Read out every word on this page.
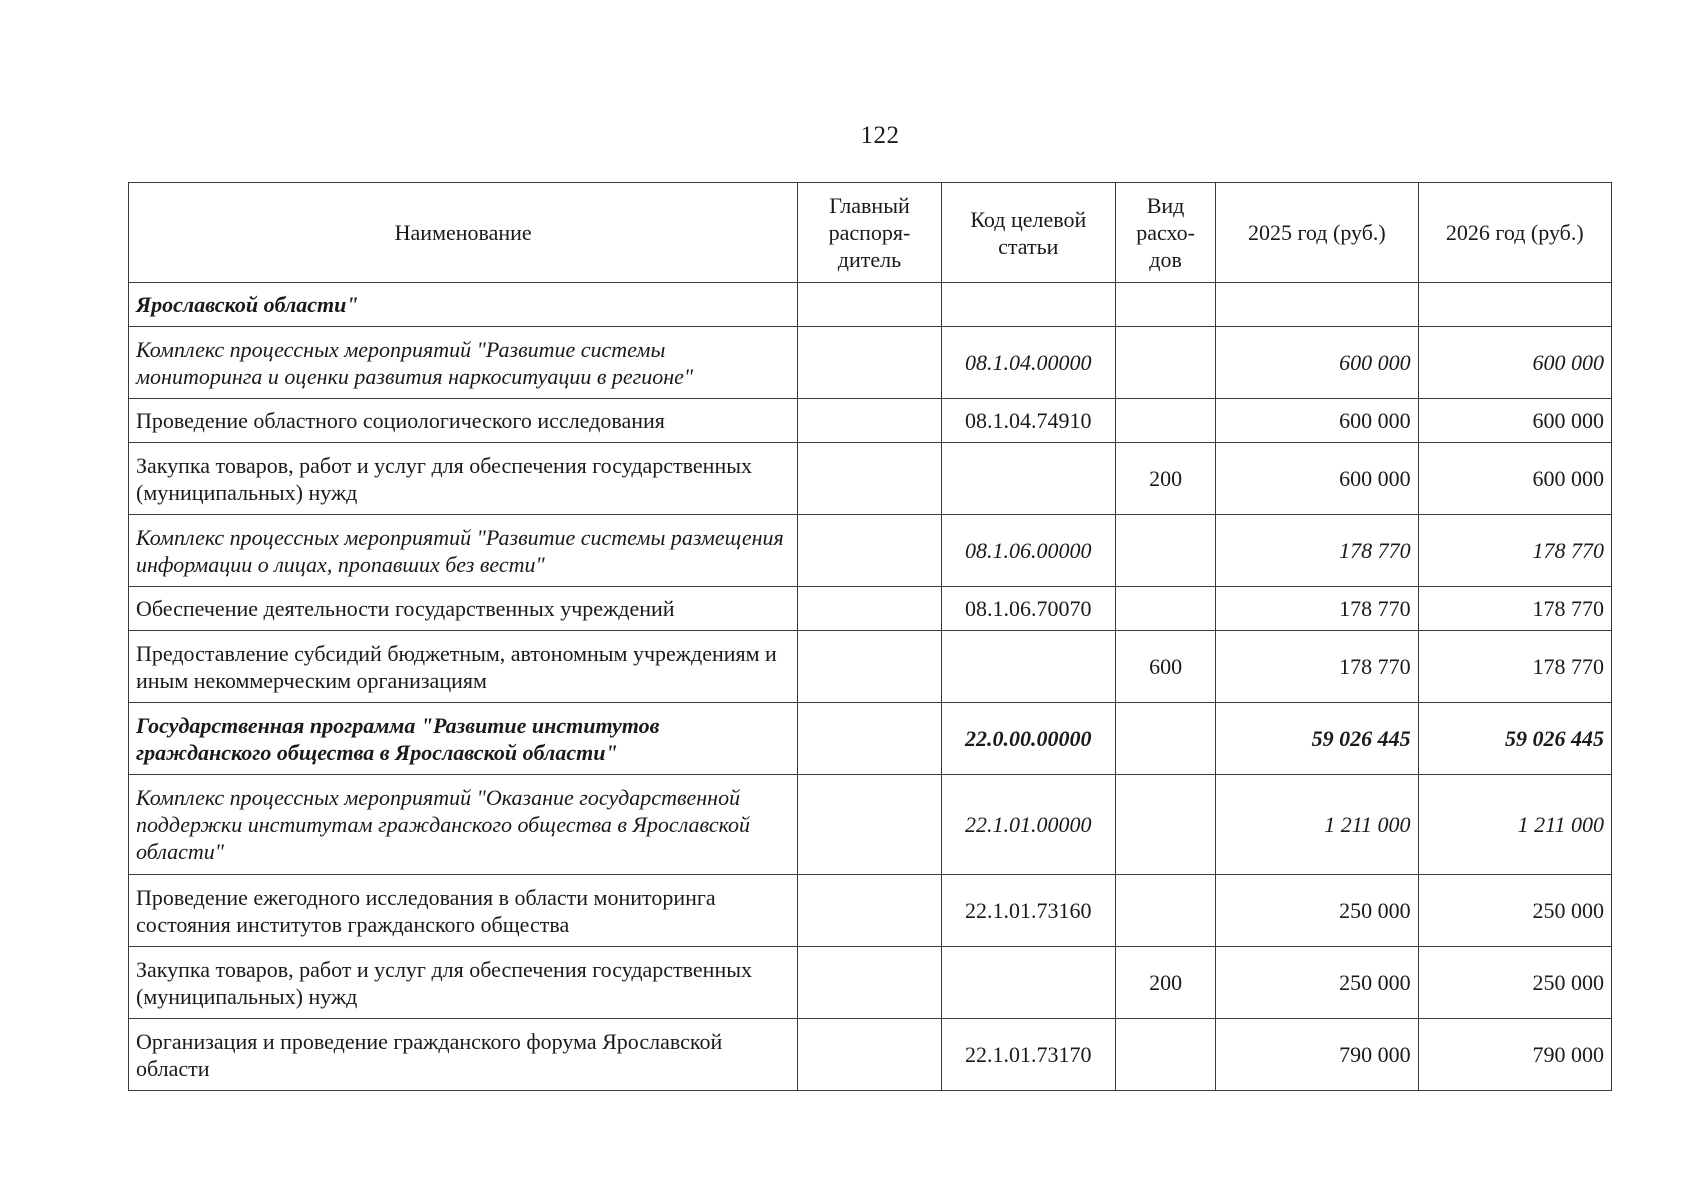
122
Наименование	Главный распоря-дитель	Код целевой статьи	Вид расхо-дов	2025 год (руб.)	2026 год (руб.)
Ярославской области"					
Комплекс процессных мероприятий "Развитие системы мониторинга и оценки развития наркоситуации в регионе"		08.1.04.00000		600 000	600 000
Проведение областного социологического исследования		08.1.04.74910		600 000	600 000
Закупка товаров, работ и услуг для обеспечения государственных (муниципальных) нужд			200	600 000	600 000
Комплекс процессных мероприятий "Развитие системы размещения информации о лицах, пропавших без вести"		08.1.06.00000		178 770	178 770
Обеспечение деятельности государственных учреждений		08.1.06.70070		178 770	178 770
Предоставление субсидий бюджетным, автономным учреждениям и иным некоммерческим организациям			600	178 770	178 770
Государственная программа "Развитие институтов гражданского общества в Ярославской области"		22.0.00.00000		59 026 445	59 026 445
Комплекс процессных мероприятий "Оказание государственной поддержки институтам гражданского общества в Ярославской области"		22.1.01.00000		1 211 000	1 211 000
Проведение ежегодного исследования в области мониторинга состояния институтов гражданского общества		22.1.01.73160		250 000	250 000
Закупка товаров, работ и услуг для обеспечения государственных (муниципальных) нужд			200	250 000	250 000
Организация и проведение гражданского форума Ярославской области		22.1.01.73170		790 000	790 000
